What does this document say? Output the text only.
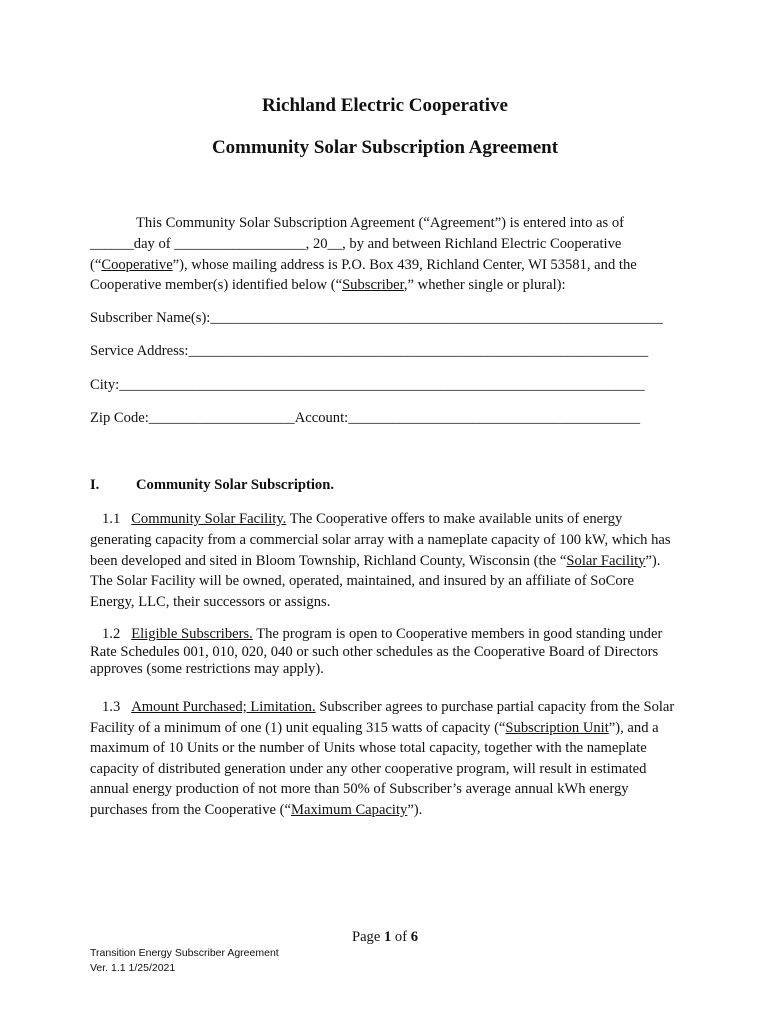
Richland Electric Cooperative
Community Solar Subscription Agreement
This Community Solar Subscription Agreement (“Agreement”) is entered into as of ______day of __________________, 20__, by and between Richland Electric Cooperative (“Cooperative”), whose mailing address is P.O. Box 439, Richland Center, WI 53581, and the Cooperative member(s) identified below (“Subscriber,” whether single or plural):
Subscriber Name(s):______________________________________________________________
Service Address:_______________________________________________________________
City:________________________________________________________________________
Zip Code:____________________Account:________________________________________
I.	Community Solar Subscription.
1.1 Community Solar Facility. The Cooperative offers to make available units of energy generating capacity from a commercial solar array with a nameplate capacity of 100 kW, which has been developed and sited in Bloom Township, Richland County, Wisconsin (the “Solar Facility”). The Solar Facility will be owned, operated, maintained, and insured by an affiliate of SoCore Energy, LLC, their successors or assigns.
1.2 Eligible Subscribers. The program is open to Cooperative members in good standing under Rate Schedules 001, 010, 020, 040 or such other schedules as the Cooperative Board of Directors approves (some restrictions may apply).
1.3 Amount Purchased; Limitation. Subscriber agrees to purchase partial capacity from the Solar Facility of a minimum of one (1) unit equaling 315 watts of capacity (“Subscription Unit”), and a maximum of 10 Units or the number of Units whose total capacity, together with the nameplate capacity of distributed generation under any other cooperative program, will result in estimated annual energy production of not more than 50% of Subscriber’s average annual kWh energy purchases from the Cooperative (“Maximum Capacity”).
Page 1 of 6
Transition Energy Subscriber Agreement
Ver. 1.1 1/25/2021
